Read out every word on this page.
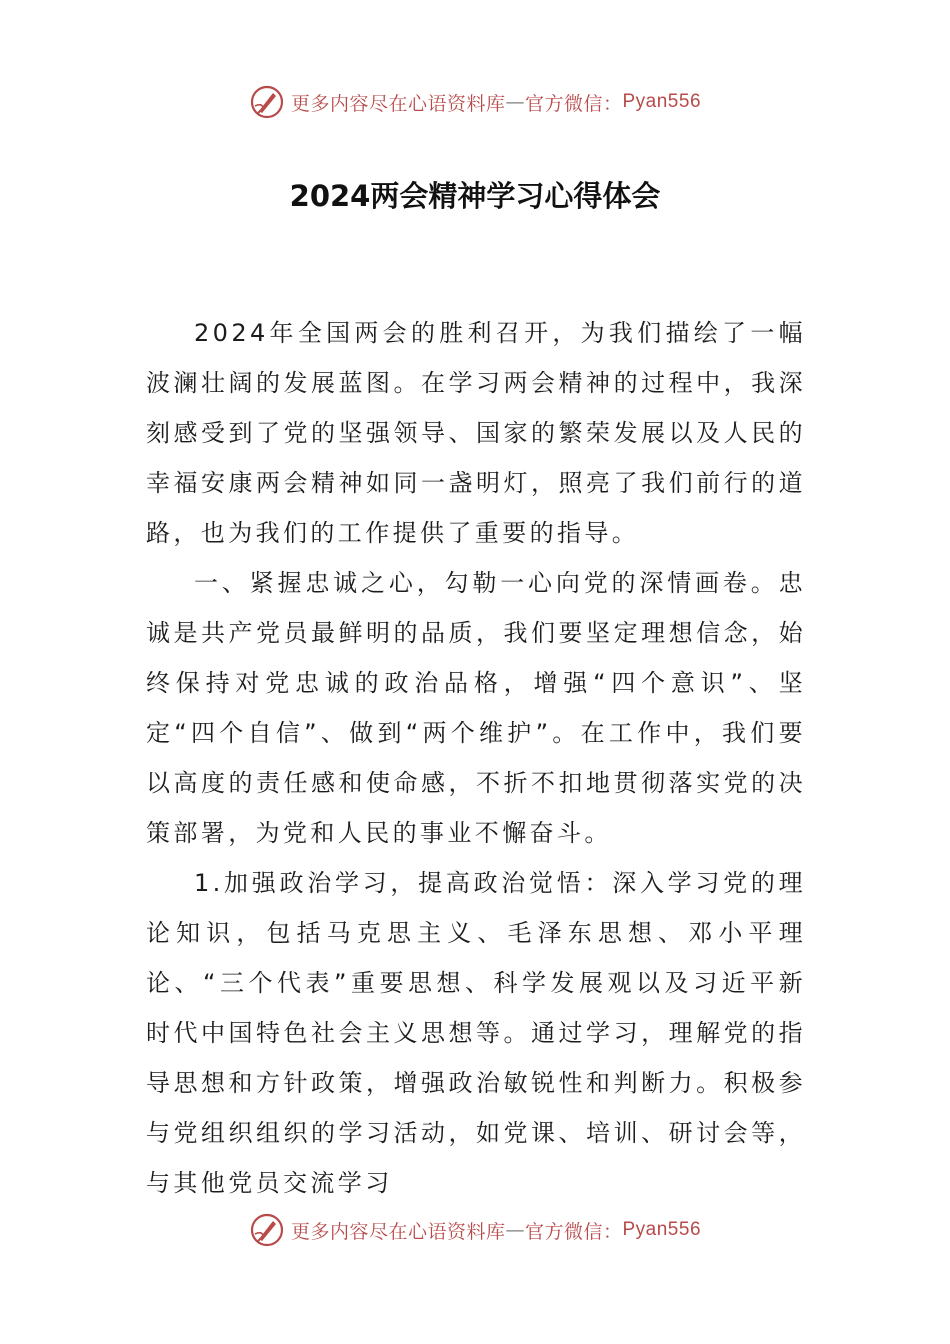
更多内容尽在心语资料库 — 官方微信： Pyan556
2024两会精神学习心得体会

2024年全国两会的胜利召开，为我们描绘了一幅波澜壮阔的发展蓝图。在学习两会精神的过程中，我深刻感受到了党的坚强领导、国家的繁荣发展以及人民的幸福安康两会精神如同一盏明灯，照亮了我们前行的道路，也为我们的工作提供了重要的指导。

一、紧握忠诚之心，勾勒一心向党的深情画卷。忠诚是共产党员最鲜明的品质，我们要坚定理想信念，始终保持对党忠诚的政治品格，增强“四个意识”、坚定“四个自信”、做到“两个维护”。在工作中，我们要以高度的责任感和使命感，不折不扣地贯彻落实党的决策部署，为党和人民的事业不懈奋斗。

1.加强政治学习，提高政治觉悟：深入学习党的理论知识，包括马克思主义、毛泽东思想、邓小平理论、“三个代表”重要思想、科学发展观以及习近平新时代中国特色社会主义思想等。通过学习，理解党的指导思想和方针政策，增强政治敏锐性和判断力。积极参与党组织组织的学习活动，如党课、培训、研讨会等，与其他党员交流学习

更多内容尽在心语资料库 — 官方微信： Pyan556
